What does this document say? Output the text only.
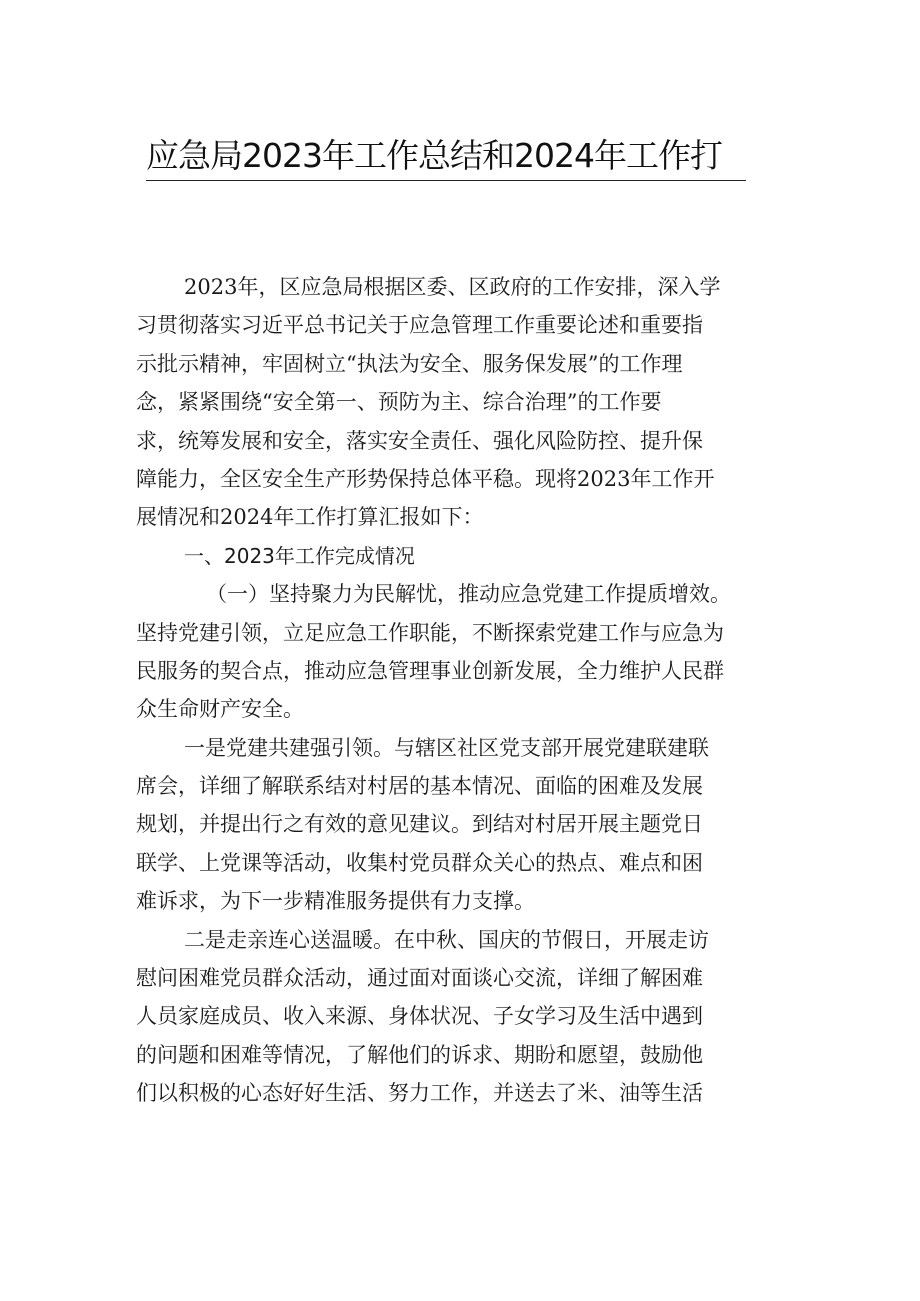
应急局2023年工作总结和2024年工作打
2023年，区应急局根据区委、区政府的工作安排，深入学
习贯彻落实习近平总书记关于应急管理工作重要论述和重要指
示批示精神，牢固树立“执法为安全、服务保发展”的工作理
念，紧紧围绕“安全第一、预防为主、综合治理”的工作要
求，统筹发展和安全，落实安全责任、强化风险防控、提升保
障能力，全区安全生产形势保持总体平稳。现将2023年工作开
展情况和2024年工作打算汇报如下：
一、2023年工作完成情况
（一）坚持聚力为民解忧，推动应急党建工作提质增效。
坚持党建引领，立足应急工作职能，不断探索党建工作与应急为
民服务的契合点，推动应急管理事业创新发展，全力维护人民群
众生命财产安全。
一是党建共建强引领。与辖区社区党支部开展党建联建联
席会，详细了解联系结对村居的基本情况、面临的困难及发展
规划，并提出行之有效的意见建议。到结对村居开展主题党日
联学、上党课等活动，收集村党员群众关心的热点、难点和困
难诉求，为下一步精准服务提供有力支撑。
二是走亲连心送温暖。在中秋、国庆的节假日，开展走访
慰问困难党员群众活动，通过面对面谈心交流，详细了解困难
人员家庭成员、收入来源、身体状况、子女学习及生活中遇到
的问题和困难等情况，了解他们的诉求、期盼和愿望，鼓励他
们以积极的心态好好生活、努力工作，并送去了米、油等生活
